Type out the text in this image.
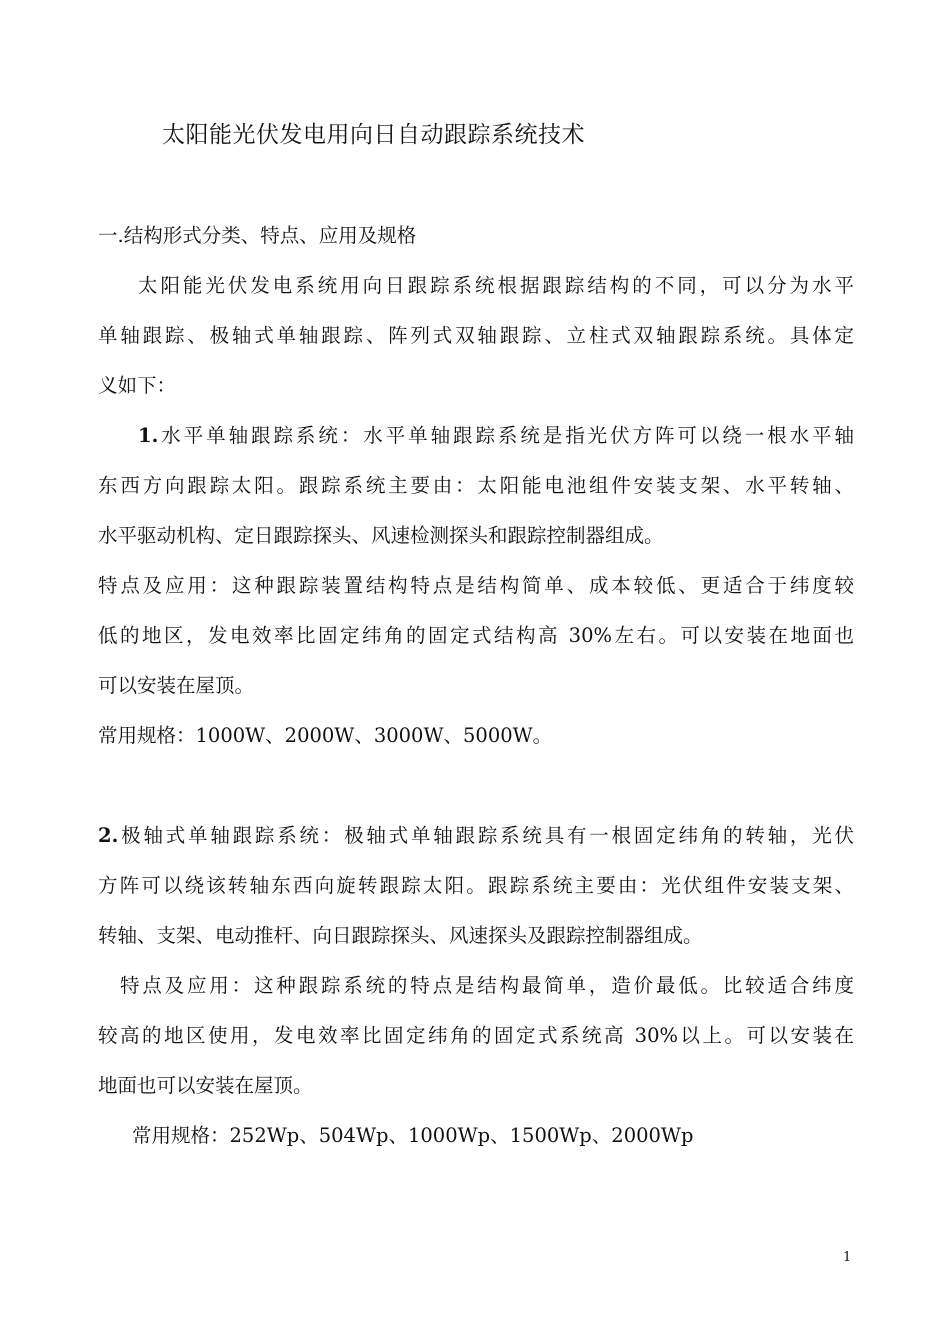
太阳能光伏发电用向日自动跟踪系统技术
一.结构形式分类、特点、应用及规格
太阳能光伏发电系统用向日跟踪系统根据跟踪结构的不同，可以分为水平
单轴跟踪、极轴式单轴跟踪、阵列式双轴跟踪、立柱式双轴跟踪系统。具体定
义如下：
1.水平单轴跟踪系统：水平单轴跟踪系统是指光伏方阵可以绕一根水平轴
东西方向跟踪太阳。跟踪系统主要由：太阳能电池组件安装支架、水平转轴、
水平驱动机构、定日跟踪探头、风速检测探头和跟踪控制器组成。
特点及应用：这种跟踪装置结构特点是结构简单、成本较低、更适合于纬度较
低的地区，发电效率比固定纬角的固定式结构高 30%左右。可以安装在地面也
可以安装在屋顶。
常用规格：1000W、2000W、3000W、5000W。
2.极轴式单轴跟踪系统：极轴式单轴跟踪系统具有一根固定纬角的转轴，光伏
方阵可以绕该转轴东西向旋转跟踪太阳。跟踪系统主要由：光伏组件安装支架、
转轴、支架、电动推杆、向日跟踪探头、风速探头及跟踪控制器组成。
特点及应用：这种跟踪系统的特点是结构最简单，造价最低。比较适合纬度
较高的地区使用，发电效率比固定纬角的固定式系统高 30%以上。可以安装在
地面也可以安装在屋顶。
常用规格：252Wp、504Wp、1000Wp、1500Wp、2000Wp
1
